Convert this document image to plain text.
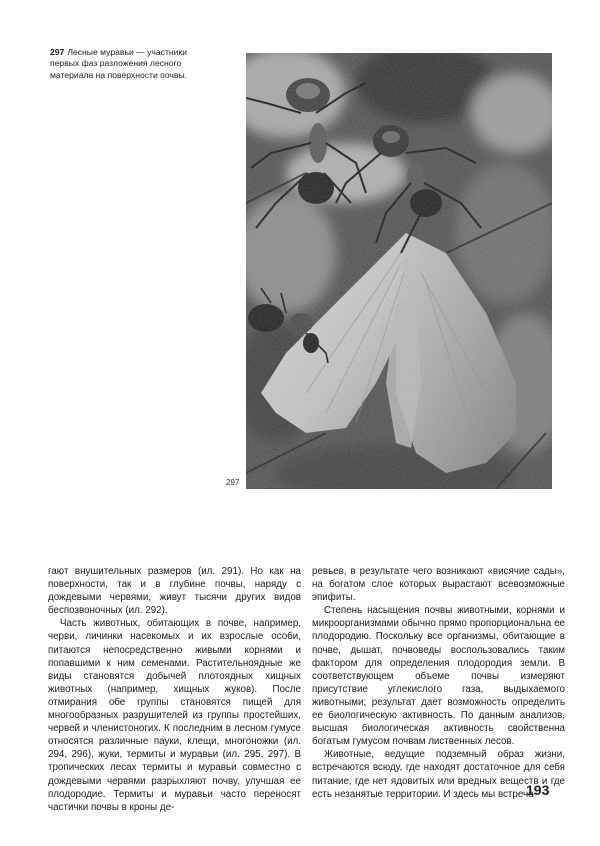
297 Лесные муравьи — участники первых фаз разложения лесного материала на поверхности почвы.
297

гают внушительных размеров (ил. 291). Но как на поверхности, так и в глубине почвы, наряду с дождевыми червями, живут тысячи других видов беспозвоночных (ил. 292).

Часть животных, обитающих в почве, например, черви, личинки насекомых и их взрослые особи, питаются непосредственно живыми корнями и попавшими к ним семенами. Растительноядные же виды становятся добычей плотоядных хищных животных (например, хищных жуков). После отмирания обе группы становятся пищей для многообразных разрушителей из группы простейших, червей и членистоногих. К последним в лесном гумусе относятся различные пауки, клещи, многоножки (ил. 294, 296), жуки, термиты и муравьи (ил. 295, 297). В тропических лесах термиты и муравьи совместно с дождевыми червями разрыхляют почву, улучшая ее плодородие. Термиты и муравьи часто переносят частички почвы в кроны де-

ревьев, в результате чего возникают «висячие сады», на богатом слое которых вырастают всевозможные эпифиты.

Степень насыщения почвы животными, корнями и микроорганизмами обычно прямо пропорциональна ее плодородию. Поскольку все организмы, обитающие в почве, дышат, почвоведы воспользовались таким фактором для определения плодородия земли. В соответствующем объеме почвы измеряют присутствие углекислого газа, выдыхаемого животными; результат дает возможность определить ее биологическую активность. По данным анализов, высшая биологическая активность свойственна богатым гумусом почвам лиственных лесов.

Животные, ведущие подземный образ жизни, встречаются всюду, где находят достаточное для себя питание, где нет ядовитых или вредных веществ и где есть незанятые территории. И здесь мы встреча-

193
